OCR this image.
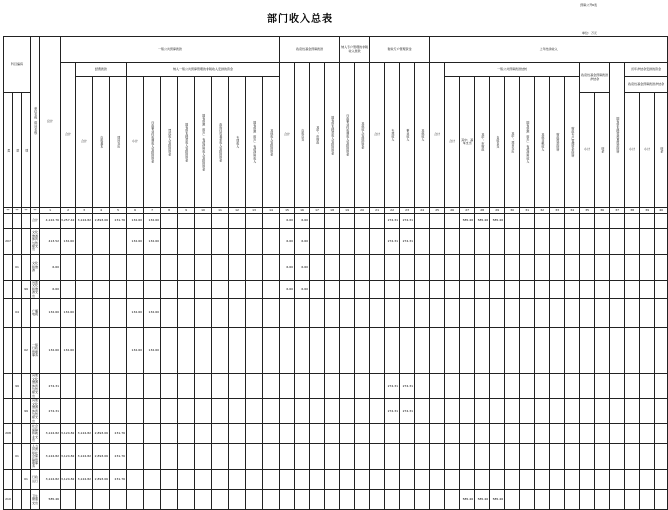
预算公开6表
部门收入总表
单位：万元
科目编码			单位名称（科目名称）	总计	一般公共预算拨款													政府性基金预算拨款				纳入专户管理的非税收入拨款		财政专户管理资金				上年结余收入																
					合计	经费拨款			纳入一般公共预算管理的非税收入安排的资金									合计	自收自支	其中：市财政	国有资本经营收入安排的资金	行政事业性收费收入安排的资金	其他收入安排的资金	合计	专项收入	事业收入	其他收入	合计	一般公共预算拨款结转									政府性基金预算拨款净结余		国有资本经营预算拨款结转	历年净结余安排的资金	
						合计	自收基本	项目支出	小计	行政事业性收费收入安排的资金	罚没收入安排的资金	国有资本经营收入安排的资金	国有资源（资产）有偿使用收入安排的资金	政府住房基金收入安排的资金	专项收入	国有资源（资产）有偿使用收入	其他收入安排的资金												合计	其中：基本支出	其中：市财政	自收自支	其中：项目支出	国有资源（资产）有偿使用收入	其他非税收入	财政拨款结转	财政专户管理资金结转				政府性基金预算拨款净结余			
类	款	项																																				小计	结余		小计	小计	结余	
**	**	**	**	1	2	3	4	5	6	7	8	9	10	11	12	13	14	15	16	17	18	19	20	21	22	23	24	25	26	27	28	29	30	31	32	33	34	35	36	37	38	39	40	
			合计	4,122.76	3,257.42	3,124.82	2,893.06	231.76	132.60	132.60								6.60	6.60						274.31	274.31				585.46	585.46	585.46												
207			文化旅游体育与传媒支出	413.52	132.60				132.60	132.60								6.60	6.60						274.31	274.31																		
	01		文化和旅游	6.60														6.60	6.60																									
		99	其他文化和旅游支出	6.60														6.60	6.60																									
	04		广播电视	132.60	132.60				132.60	132.60																																		
		02	一般行政管理事务	132.60	132.60				132.60	132.60																																		
	99		其他文化旅游体育与传媒支出	274.31																					274.31	274.31																		
		99	其他文化旅游体育与传媒支出	274.31																					274.31	274.31																		
208			社会保障和就业支出	3,124.82	3,124.82	3,124.82	2,893.06	231.76																																				
	01		人力资源和社会保障管理事务	3,124.82	3,124.82	3,124.82	2,893.06	231.76																																				
		01	行政运行	3,124.82	3,124.82	3,124.82	2,893.06	231.76																																				
210			卫生健康支出	585.46																										585.46	585.46	585.46												
